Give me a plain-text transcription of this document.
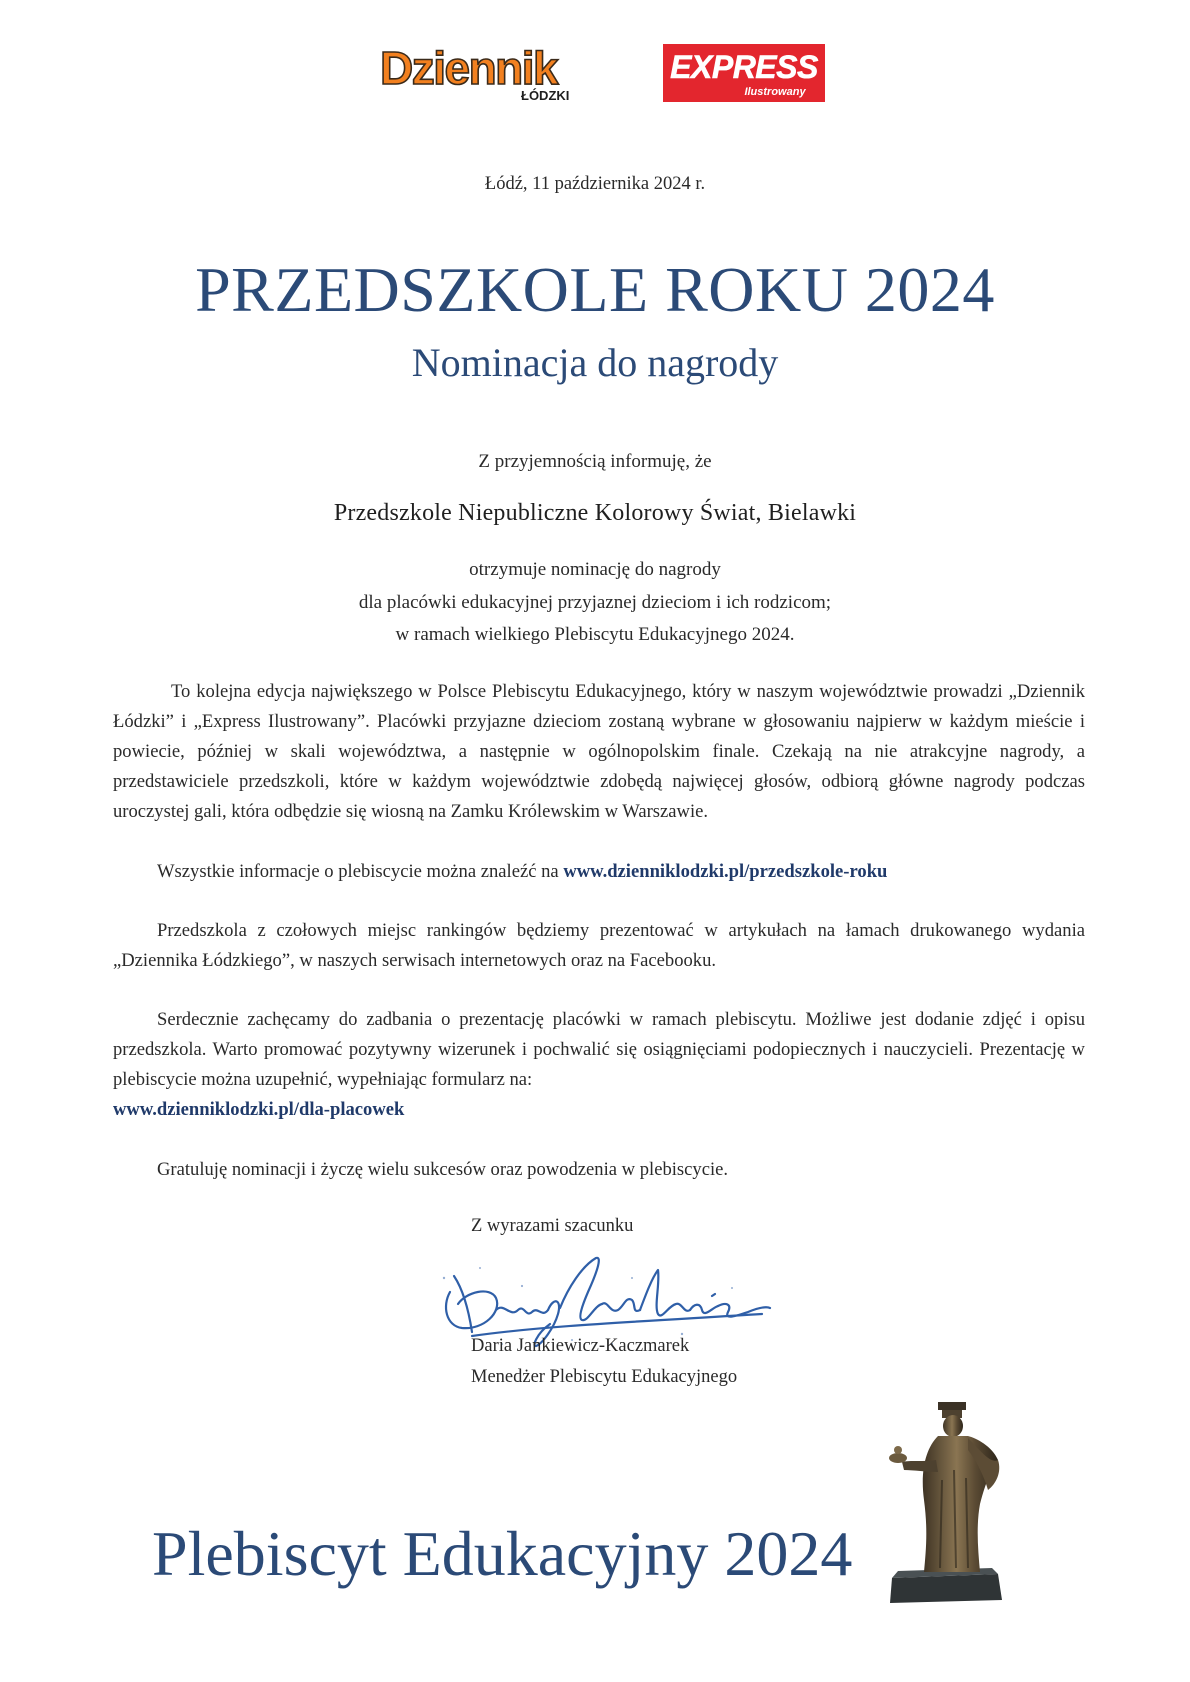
Dziennik
ŁÓDZKI
EXPRESS
Ilustrowany
Łódź, 11 października 2024 r.
PRZEDSZKOLE ROKU 2024
Nominacja do nagrody
Z przyjemnością informuję, że
Przedszkole Niepubliczne Kolorowy Świat, Bielawki
otrzymuje nominację do nagrody
dla placówki edukacyjnej przyjaznej dzieciom i ich rodzicom;
w ramach wielkiego Plebiscytu Edukacyjnego 2024.

To kolejna edycja największego w Polsce Plebiscytu Edukacyjnego, który w naszym województwie prowadzi „Dziennik Łódzki” i „Express Ilustrowany”. Placówki przyjazne dzieciom zostaną wybrane w głosowaniu najpierw w każdym mieście i powiecie, później w skali województwa, a następnie w ogólnopolskim finale. Czekają na nie atrakcyjne nagrody, a przedstawiciele przedszkoli, które w każdym województwie zdobędą najwięcej głosów, odbiorą główne nagrody podczas uroczystej gali, która odbędzie się wiosną na Zamku Królewskim w Warszawie.

Wszystkie informacje o plebiscycie można znaleźć na www.dzienniklodzki.pl/przedszkole-roku

Przedszkola z czołowych miejsc rankingów będziemy prezentować w artykułach na łamach drukowanego wydania „Dziennika Łódzkiego”, w naszych serwisach internetowych oraz na Facebooku.

Serdecznie zachęcamy do zadbania o prezentację placówki w ramach plebiscytu. Możliwe jest dodanie zdjęć i opisu przedszkola. Warto promować pozytywny wizerunek i pochwalić się osiągnięciami podopiecznych i nauczycieli. Prezentację w plebiscycie można uzupełnić, wypełniając formularz na:
www.dzienniklodzki.pl/dla-placowek

Gratuluję nominacji i życzę wielu sukcesów oraz powodzenia w plebiscycie.

Z wyrazami szacunku
Daria Jankiewicz-Kaczmarek
Menedżer Plebiscytu Edukacyjnego
Plebiscyt Edukacyjny 2024
